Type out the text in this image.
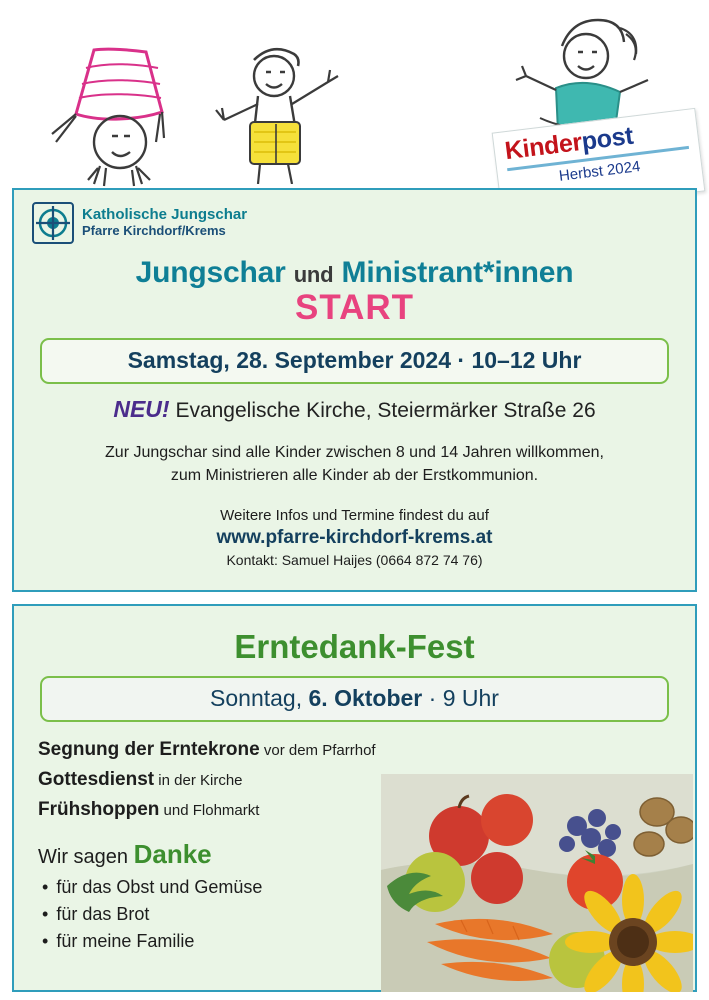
Kinderpost
Herbst 2024
Katholische Jungschar
Pfarre Kirchdorf/Krems
Jungschar und Ministrant*innen
START
Samstag, 28. September 2024 · 10–12 Uhr
NEU! Evangelische Kirche, Steiermärker Straße 26
Zur Jungschar sind alle Kinder zwischen 8 und 14 Jahren willkommen,
zum Ministrieren alle Kinder ab der Erstkommunion.
Weitere Infos und Termine findest du auf
www.pfarre-kirchdorf-krems.at
Kontakt: Samuel Haijes (0664 872 74 76)
Erntedank-Fest
Sonntag, 6. Oktober · 9 Uhr
Segnung der Erntekrone vor dem Pfarrhof
Gottesdienst in der Kirche
Frühshoppen und Flohmarkt
Wir sagen Danke
• für das Obst und Gemüse
• für das Brot
• für meine Familie
